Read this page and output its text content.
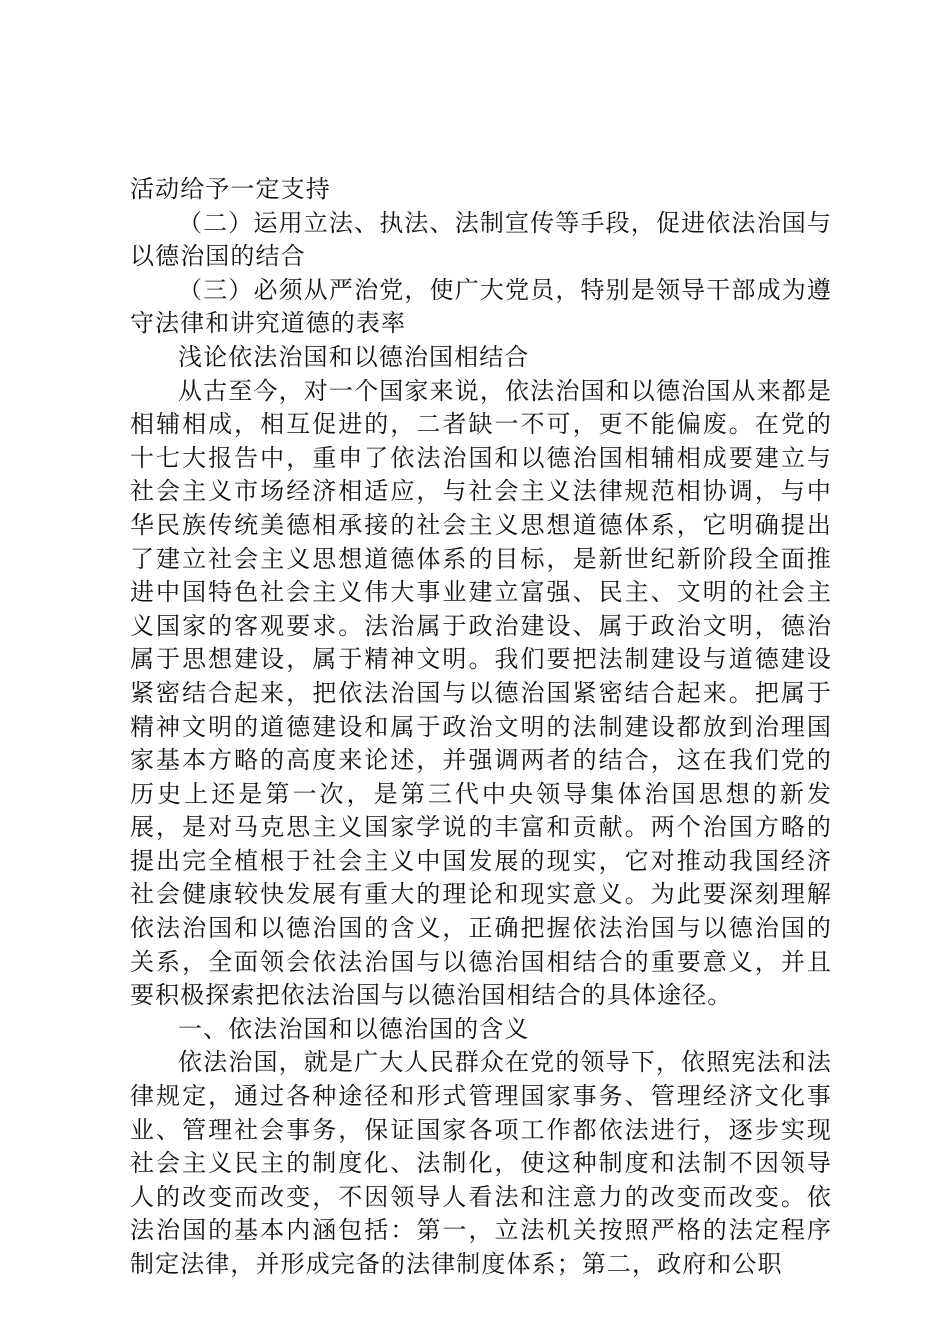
活动给予一定支持

（二）运用立法、执法、法制宣传等手段，促进依法治国与以德治国的结合

（三）必须从严治党，使广大党员，特别是领导干部成为遵守法律和讲究道德的表率

浅论依法治国和以德治国相结合

从古至今，对一个国家来说，依法治国和以德治国从来都是相辅相成，相互促进的，二者缺一不可，更不能偏废。在党的十七大报告中，重申了依法治国和以德治国相辅相成要建立与社会主义市场经济相适应，与社会主义法律规范相协调，与中华民族传统美德相承接的社会主义思想道德体系，它明确提出了建立社会主义思想道德体系的目标，是新世纪新阶段全面推进中国特色社会主义伟大事业建立富强、民主、文明的社会主义国家的客观要求。法治属于政治建设、属于政治文明，德治属于思想建设，属于精神文明。我们要把法制建设与道德建设紧密结合起来，把依法治国与以德治国紧密结合起来。把属于精神文明的道德建设和属于政治文明的法制建设都放到治理国家基本方略的高度来论述，并强调两者的结合，这在我们党的历史上还是第一次，是第三代中央领导集体治国思想的新发展，是对马克思主义国家学说的丰富和贡献。两个治国方略的提出完全植根于社会主义中国发展的现实，它对推动我国经济社会健康较快发展有重大的理论和现实意义。为此要深刻理解依法治国和以德治国的含义，正确把握依法治国与以德治国的关系，全面领会依法治国与以德治国相结合的重要意义，并且要积极探索把依法治国与以德治国相结合的具体途径。

一、依法治国和以德治国的含义

依法治国，就是广大人民群众在党的领导下，依照宪法和法律规定，通过各种途径和形式管理国家事务、管理经济文化事业、管理社会事务，保证国家各项工作都依法进行，逐步实现社会主义民主的制度化、法制化，使这种制度和法制不因领导人的改变而改变，不因领导人看法和注意力的改变而改变。依法治国的基本内涵包括：第一，立法机关按照严格的法定程序制定法律，并形成完备的法律制度体系；第二，政府和公职
